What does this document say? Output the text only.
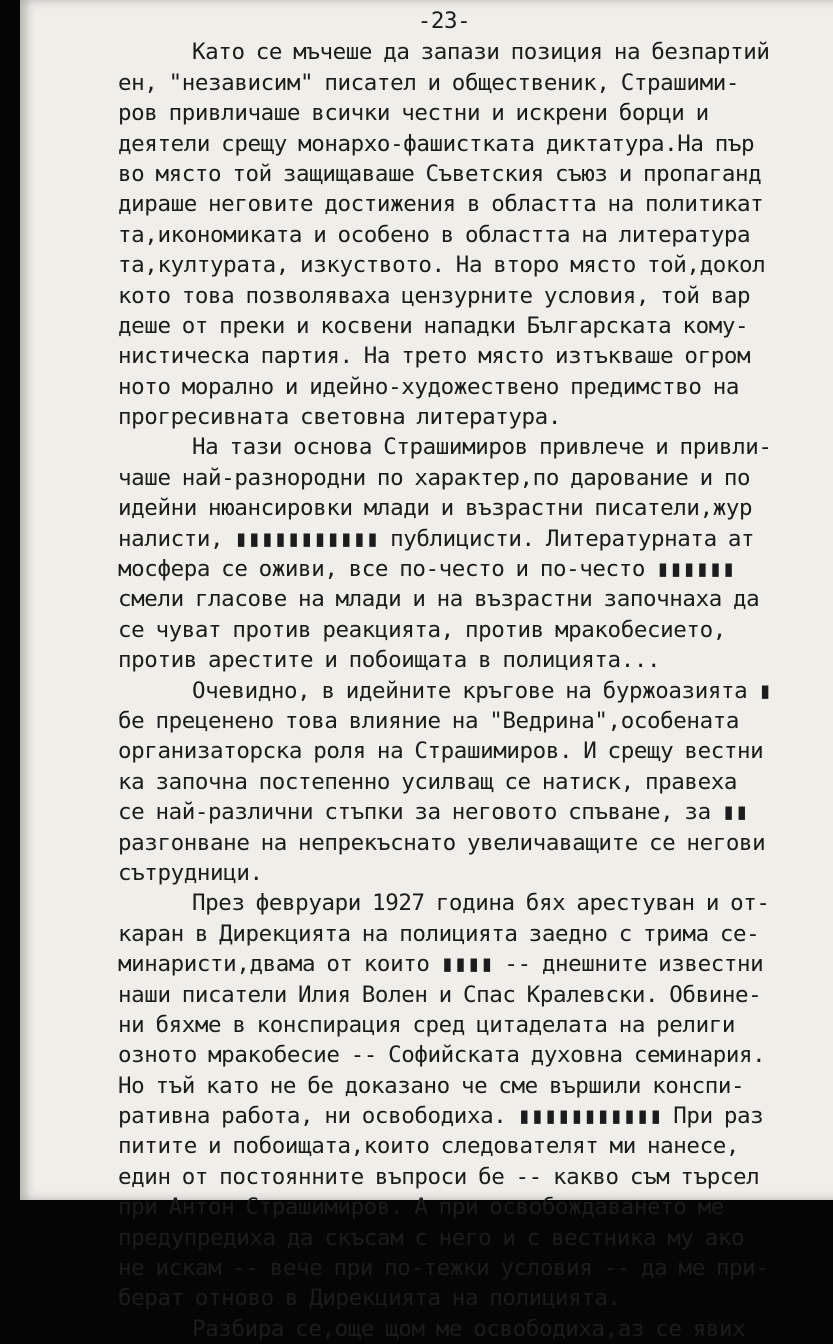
-23-
Като се мъчеше да запази позиция на безпартий
ен, "независим" писател и общественик, Страшими-
ров привличаше всички честни и искрени борци и
деятели срещу монархо-фашистката диктатура.На пър
во място той защищаваше Съветския съюз и пропаганд
дираше неговите достижения в областта на политикат
та,икономиката и особено в областта на литература
та,културата, изкуството. На второ място той,докол
кото това позволяваха цензурните условия, той вар
деше от преки и косвени нападки Българската кому-
нистическа партия. На трето място изтъкваше огром
ното морално и идейно-художествено предимство на
прогресивната световна литература.
На тази основа Страшимиров привлече и привли-
чаше най-разнородни по характер,по дарование и по
идейни нюансировки млади и възрастни писатели,жур
налисти, ▮▮▮▮▮▮▮▮▮▮▮ публицисти. Литературната ат
мосфера се оживи, все по-често и по-често ▮▮▮▮▮▮
смели гласове на млади и на възрастни започнаха да
се чуват против реакцията, против мракобесието,
против арестите и побоищата в полицията...
Очевидно, в идейните кръгове на буржоазията ▮
бе преценено това влияние на "Ведрина",особената
организаторска роля на Страшимиров. И срещу вестни
ка започна постепенно усилващ се натиск, правеха
се най-различни стъпки за неговото спъване, за ▮▮
разгонване на непрекъснато увеличаващите се негови
сътрудници.
През февруари 1927 година бях арестуван и от-
каран в Дирекцията на полицията заедно с трима се-
минаристи,двама от които ▮▮▮▮ -- днешните известни
наши писатели Илия Волен и Спас Кралевски. Обвине-
ни бяхме в конспирация сред цитаделата на религи
озното мракобесие -- Софийската духовна семинария.
Но тъй като не бе доказано че сме вършили конспи-
ративна работа, ни освободиха. ▮▮▮▮▮▮▮▮▮▮▮ При раз
питите и побоищата,които следователят ми нанесе,
един от постоянните въпроси бе -- какво съм търсел
при Антон Страшимиров. А при освобождаването ме
предупредиха да скъсам с него и с вестника му ако
не искам -- вече при по-тежки условия -- да ме при-
берат отново в Дирекцията на полицията.
Разбира се,още щом ме освободиха,аз се явих
